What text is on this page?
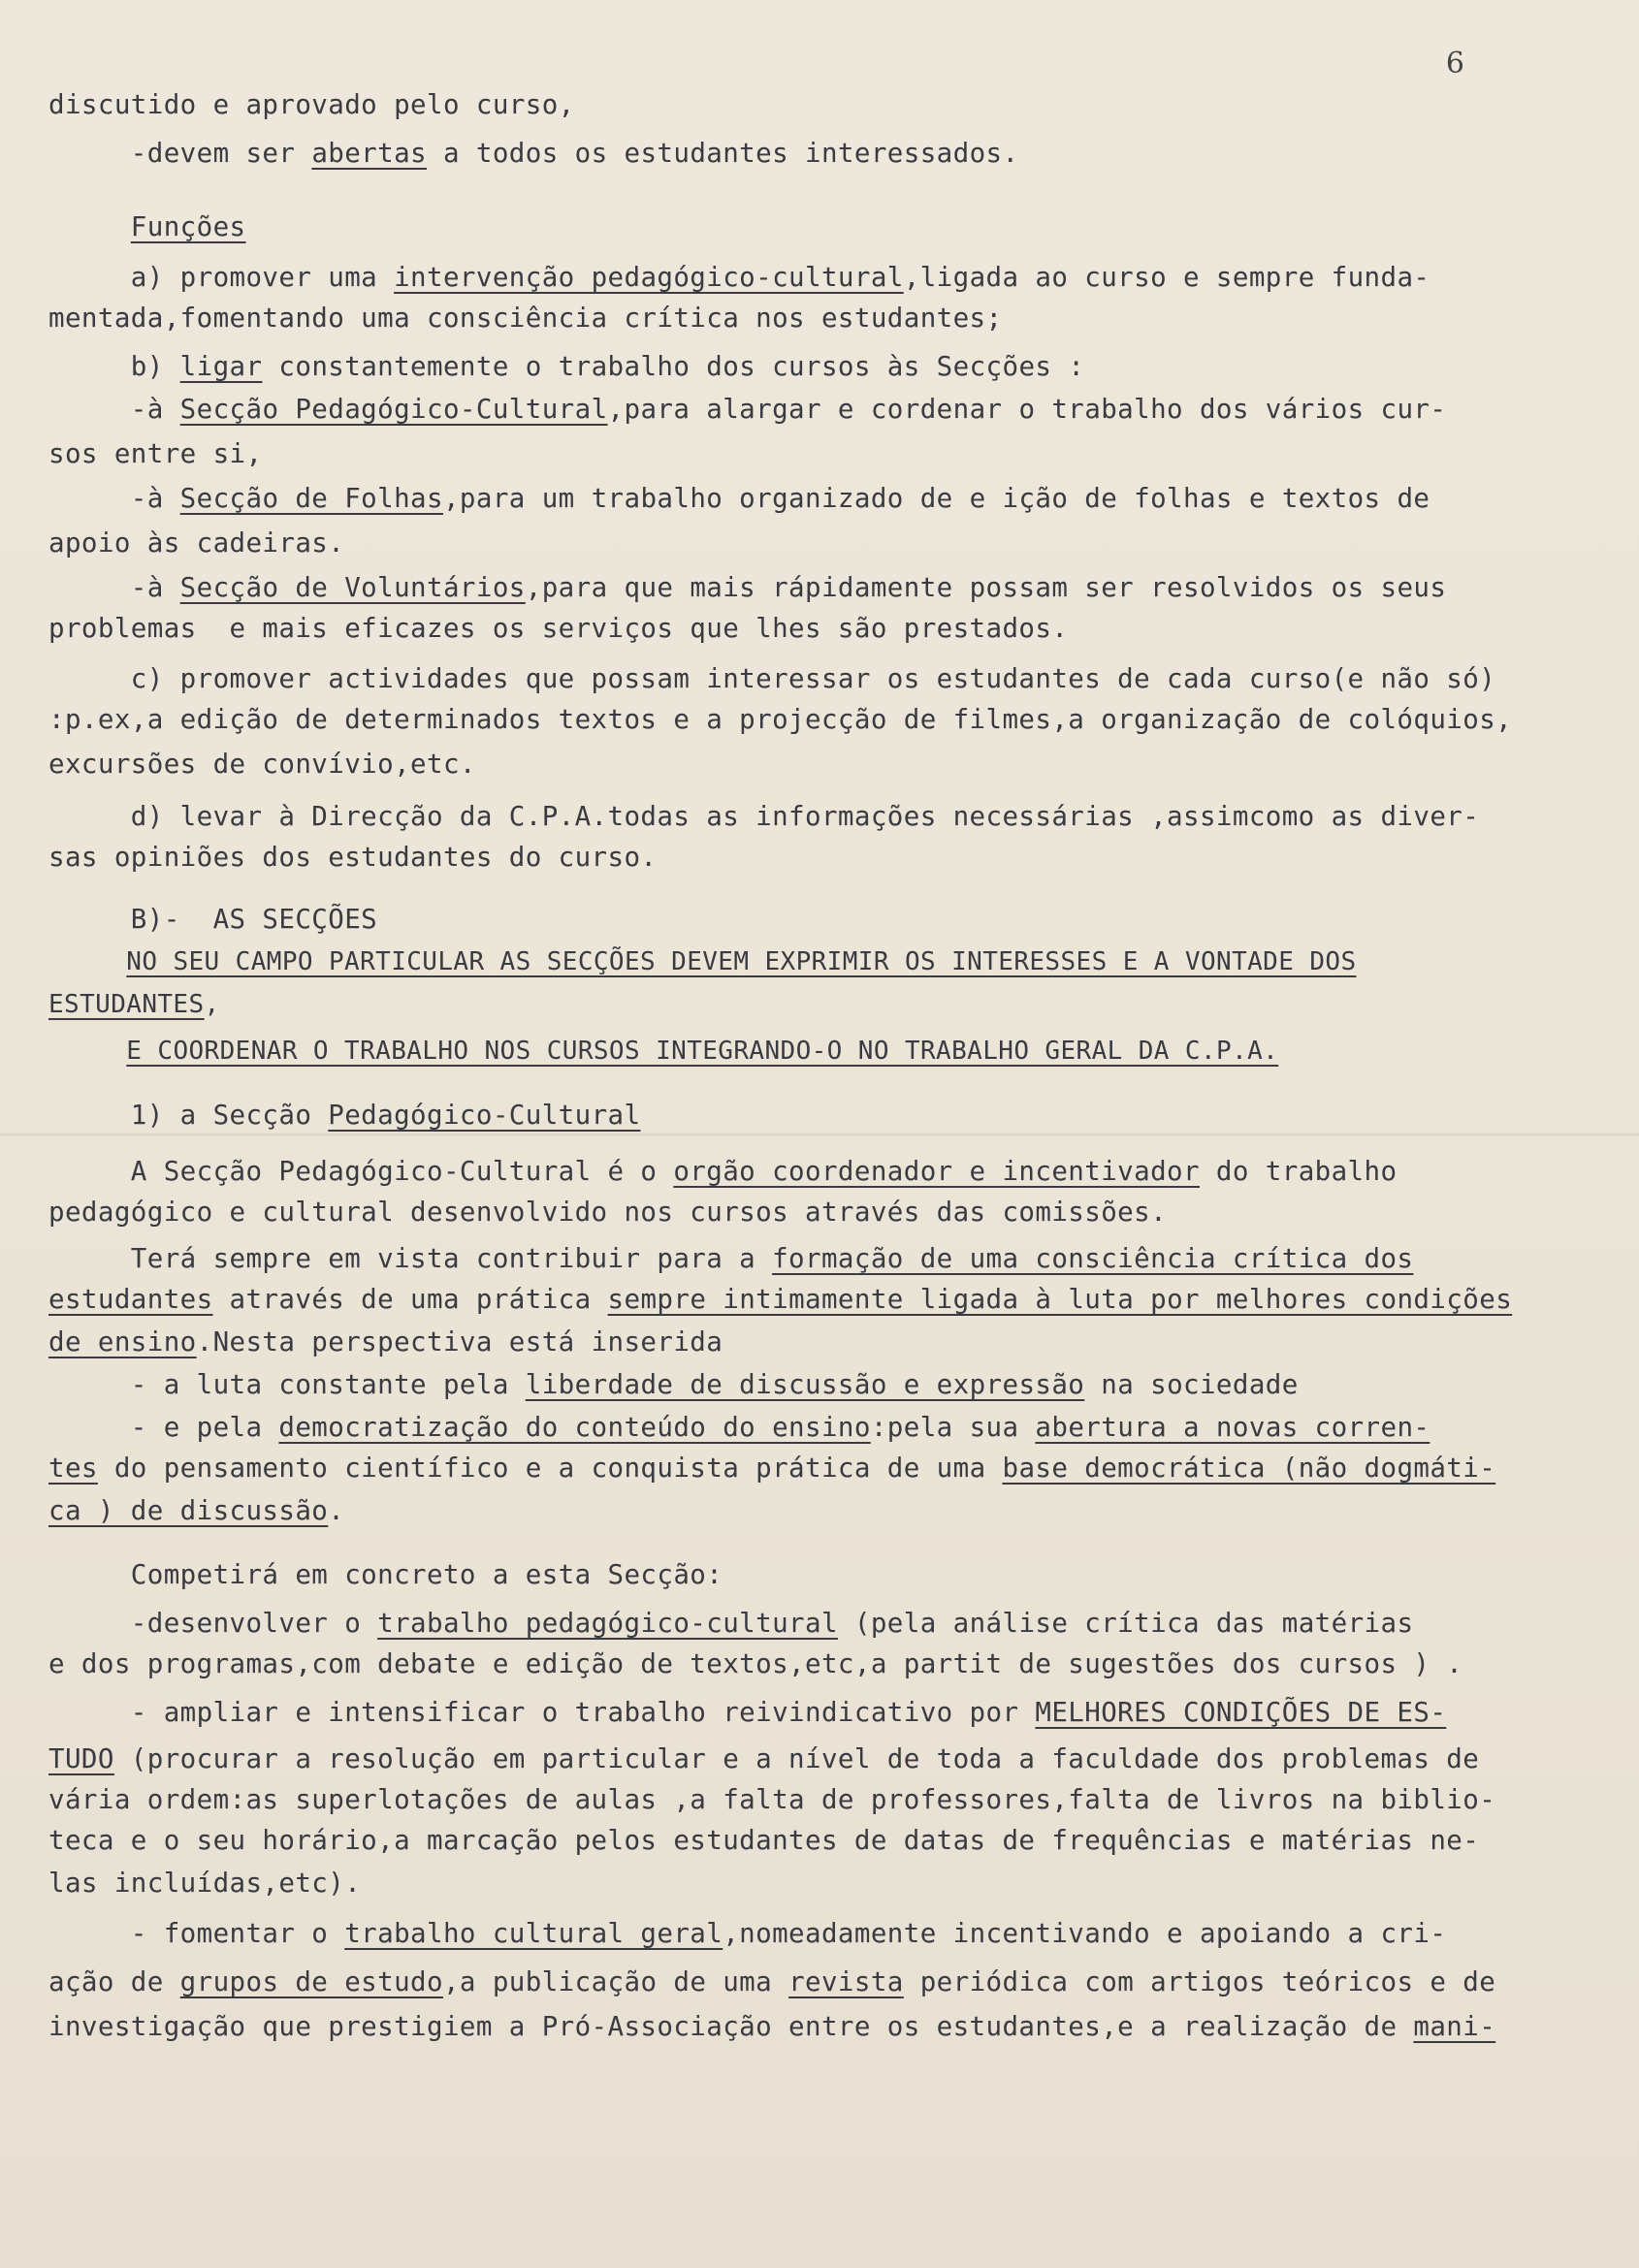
6
discutido e aprovado pelo curso,
-devem ser abertas a todos os estudantes interessados.
Funções
a) promover uma intervenção pedagógico-cultural,ligada ao curso e sempre funda-
mentada,fomentando uma consciência crítica nos estudantes;
b) ligar constantemente o trabalho dos cursos às Secções :
-à Secção Pedagógico-Cultural,para alargar e cordenar o trabalho dos vários cur-
sos entre si,
-à Secção de Folhas,para um trabalho organizado de e ição de folhas e textos de
apoio às cadeiras.
-à Secção de Voluntários,para que mais rápidamente possam ser resolvidos os seus
problemas  e mais eficazes os serviços que lhes são prestados.
c) promover actividades que possam interessar os estudantes de cada curso(e não só)
:p.ex,a edição de determinados textos e a projecção de filmes,a organização de colóquios,
excursões de convívio,etc.
d) levar à Direcção da C.P.A.todas as informações necessárias ,assimcomo as diver-
sas opiniões dos estudantes do curso.
B)-  AS SECÇÕES
NO SEU CAMPO PARTICULAR AS SECÇÕES DEVEM EXPRIMIR OS INTERESSES E A VONTADE DOS
ESTUDANTES,
E COORDENAR O TRABALHO NOS CURSOS INTEGRANDO-O NO TRABALHO GERAL DA C.P.A.
1) a Secção Pedagógico-Cultural
A Secção Pedagógico-Cultural é o orgão coordenador e incentivador do trabalho
pedagógico e cultural desenvolvido nos cursos através das comissões.
Terá sempre em vista contribuir para a formação de uma consciência crítica dos
estudantes através de uma prática sempre intimamente ligada à luta por melhores condições
de ensino.Nesta perspectiva está inserida
- a luta constante pela liberdade de discussão e expressão na sociedade
- e pela democratização do conteúdo do ensino:pela sua abertura a novas corren-
tes do pensamento científico e a conquista prática de uma base democrática (não dogmáti-
ca ) de discussão.
Competirá em concreto a esta Secção:
-desenvolver o trabalho pedagógico-cultural (pela análise crítica das matérias
e dos programas,com debate e edição de textos,etc,a partit de sugestões dos cursos ) .
- ampliar e intensificar o trabalho reivindicativo por MELHORES CONDIÇÕES DE ES-
TUDO (procurar a resolução em particular e a nível de toda a faculdade dos problemas de
vária ordem:as superlotações de aulas ,a falta de professores,falta de livros na biblio-
teca e o seu horário,a marcação pelos estudantes de datas de frequências e matérias ne-
las incluídas,etc).
- fomentar o trabalho cultural geral,nomeadamente incentivando e apoiando a cri-
ação de grupos de estudo,a publicação de uma revista periódica com artigos teóricos e de
investigação que prestigiem a Pró-Associação entre os estudantes,e a realização de mani-
